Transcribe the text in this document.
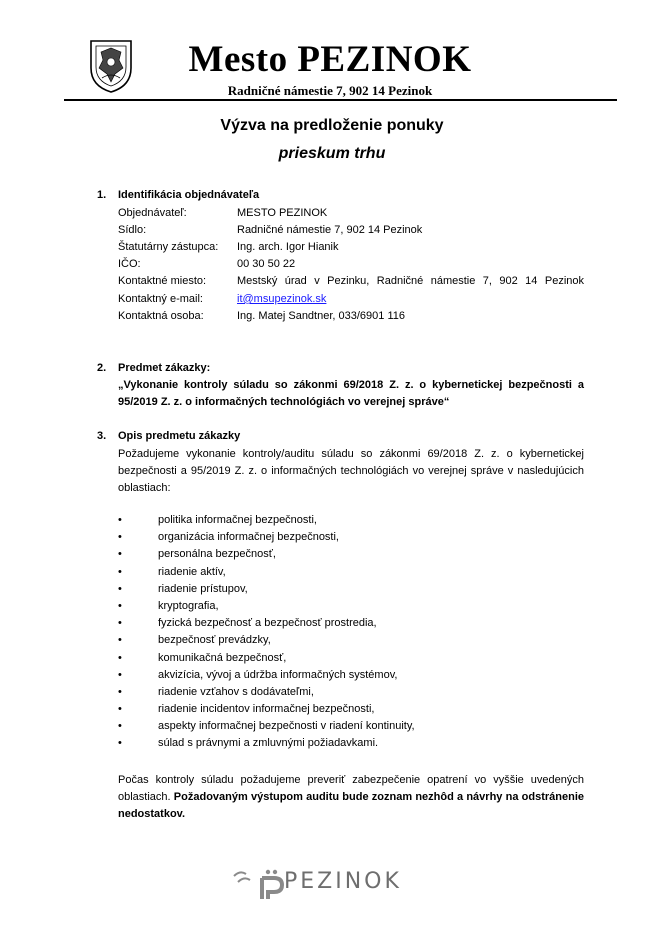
Mesto PEZINOK
Radničné námestie 7, 902 14 Pezinok
Výzva na predloženie ponuky
prieskum trhu
1. Identifikácia objednávateľa
Objednávateľ:	MESTO PEZINOK
Sídlo:	Radničné námestie 7, 902 14 Pezinok
Štatutárny zástupca: Ing. arch. Igor Hianik
IČO:	00 30 50 22
Kontaktné miesto:	Mestský úrad v Pezinku, Radničné námestie 7, 902 14 Pezinok
Kontaktný e-mail:	it@msupezinok.sk
Kontaktná osoba:	Ing. Matej Sandtner, 033/6901 116
2. Predmet zákazky:
„Vykonanie kontroly súladu so zákonmi 69/2018 Z. z. o kybernetickej bezpečnosti a 95/2019 Z. z. o informačných technológiách vo verejnej správe“
3. Opis predmetu zákazky
Požadujeme vykonanie kontroly/auditu súladu so zákonmi 69/2018 Z. z. o kybernetickej bezpečnosti a 95/2019 Z. z. o informačných technológiách vo verejnej správe v nasledujúcich oblastiach:
•	politika informačnej bezpečnosti,
•	organizácia informačnej bezpečnosti,
•	personálna bezpečnosť,
•	riadenie aktív,
•	riadenie prístupov,
•	kryptografia,
•	fyzická bezpečnosť a bezpečnosť prostredia,
•	bezpečnosť prevádzky,
•	komunikačná bezpečnosť,
•	akvizícia, vývoj a údržba informačných systémov,
•	riadenie vzťahov s dodávateľmi,
•	riadenie incidentov informačnej bezpečnosti,
•	aspekty informačnej bezpečnosti v riadení kontinuity,
•	súlad s právnymi a zmluvnými požiadavkami.
Počas kontroly súladu požadujeme preveriť zabezpečenie opatrení vo vyššie uvedených oblastiach. Požadovaným výstupom auditu bude zoznam nezhôd a návrhy na odstránenie nedostatkov.
PEZINOK
